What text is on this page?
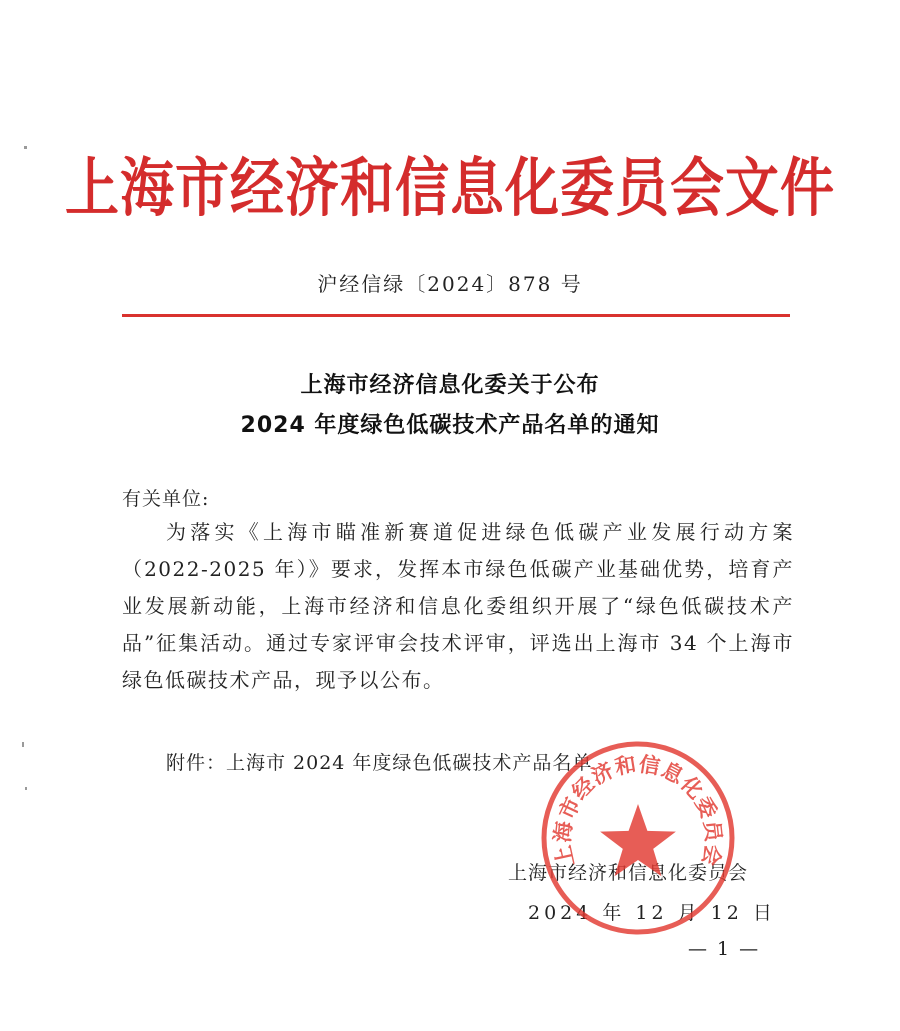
上海市经济和信息化委员会文件
沪经信绿〔2024〕878 号
上海市经济信息化委关于公布
2024 年度绿色低碳技术产品名单的通知
有关单位:

为落实《上海市瞄准新赛道促进绿色低碳产业发展行动方案（2022-2025 年）》要求，发挥本市绿色低碳产业基础优势，培育产业发展新动能，上海市经济和信息化委组织开展了“绿色低碳技术产品”征集活动。通过专家评审会技术评审，评选出上海市 34 个上海市绿色低碳技术产品，现予以公布。

附件：上海市 2024 年度绿色低碳技术产品名单
上海市经济和信息化委员会
2024 年 12 月 12 日
— 1 —
上海市经济和信息化委员会
